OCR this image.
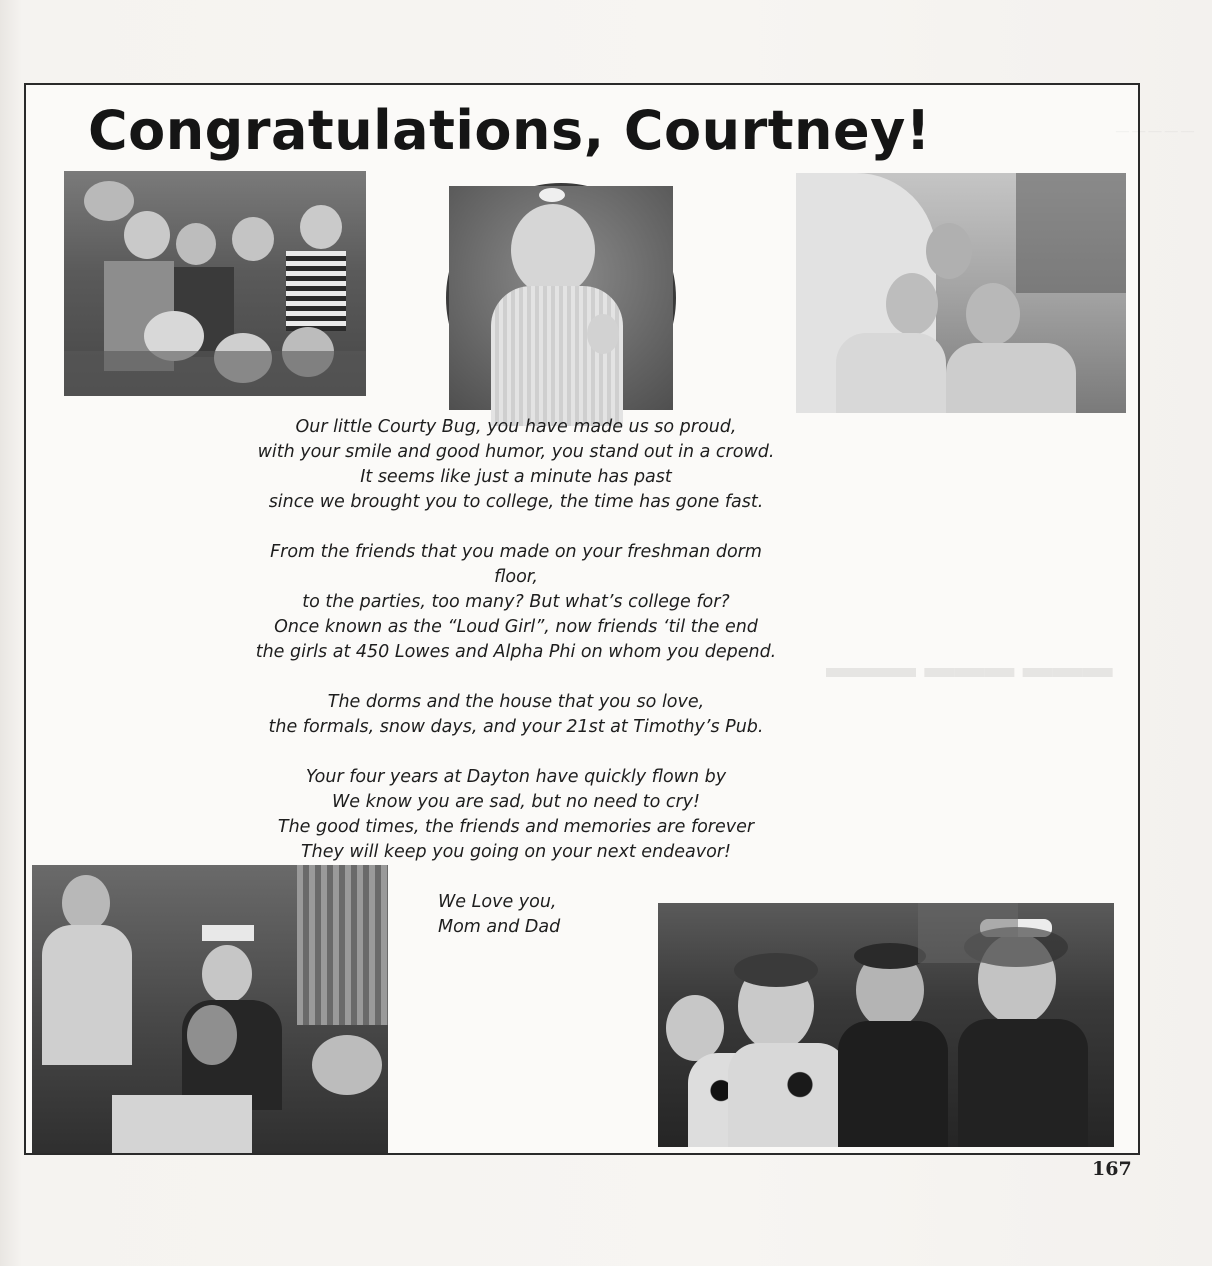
— — — — —
▬▬▬ ▬▬▬ ▬▬▬
Congratulations, Courtney!
Our little Courty Bug, you have made us so proud,
with your smile and good humor, you stand out in a crowd.
It seems like just a minute has past
since we brought you to college, the time has gone fast.
From the friends that you made on your freshman dorm
floor,
to the parties, too many? But what’s college for?
Once known as the “Loud Girl”, now friends ‘til the end
the girls at 450 Lowes and Alpha Phi on whom you depend.
The dorms and the house that you so love,
the formals, snow days, and your 21st at Timothy’s Pub.
Your four years at Dayton have quickly flown by
We know you are sad, but no need to cry!
The good times, the friends and memories are forever
They will keep you going on your next endeavor!
We Love you,
Mom and Dad
167
